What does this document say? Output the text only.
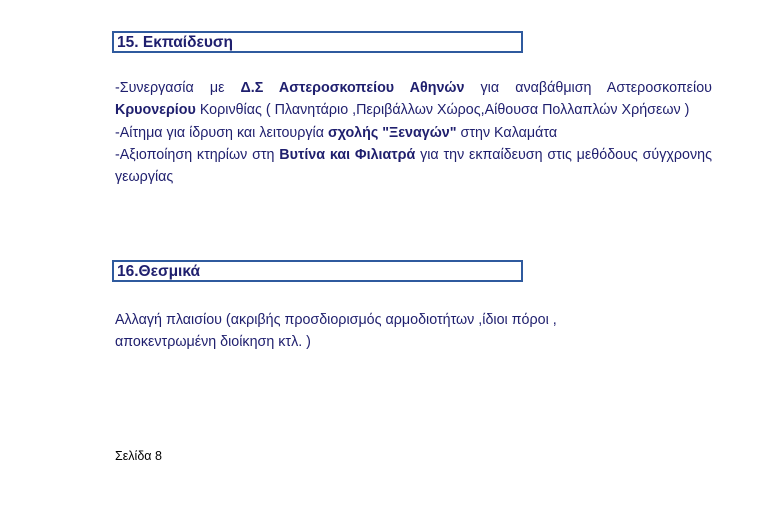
15. Εκπαίδευση

-Συνεργασία με Δ.Σ Αστεροσκοπείου Αθηνών για αναβάθμιση Αστεροσκοπείου Κρυονερίου Κορινθίας ( Πλανητάριο ,Περιβάλλων Χώρος,Αίθουσα Πολλαπλών Χρήσεων )

-Αίτημα για ίδρυση και λειτουργία σχολής "Ξεναγών" στην Καλαμάτα

-Αξιοποίηση κτηρίων στη Βυτίνα και Φιλιατρά για την εκπαίδευση στις μεθόδους σύγχρονης γεωργίας

16.Θεσμικά
Αλλαγή πλαισίου (ακριβής προσδιορισμός αρμοδιοτήτων ,ίδιοι πόροι ,
αποκεντρωμένη διοίκηση κτλ. )
Σελίδα 8
